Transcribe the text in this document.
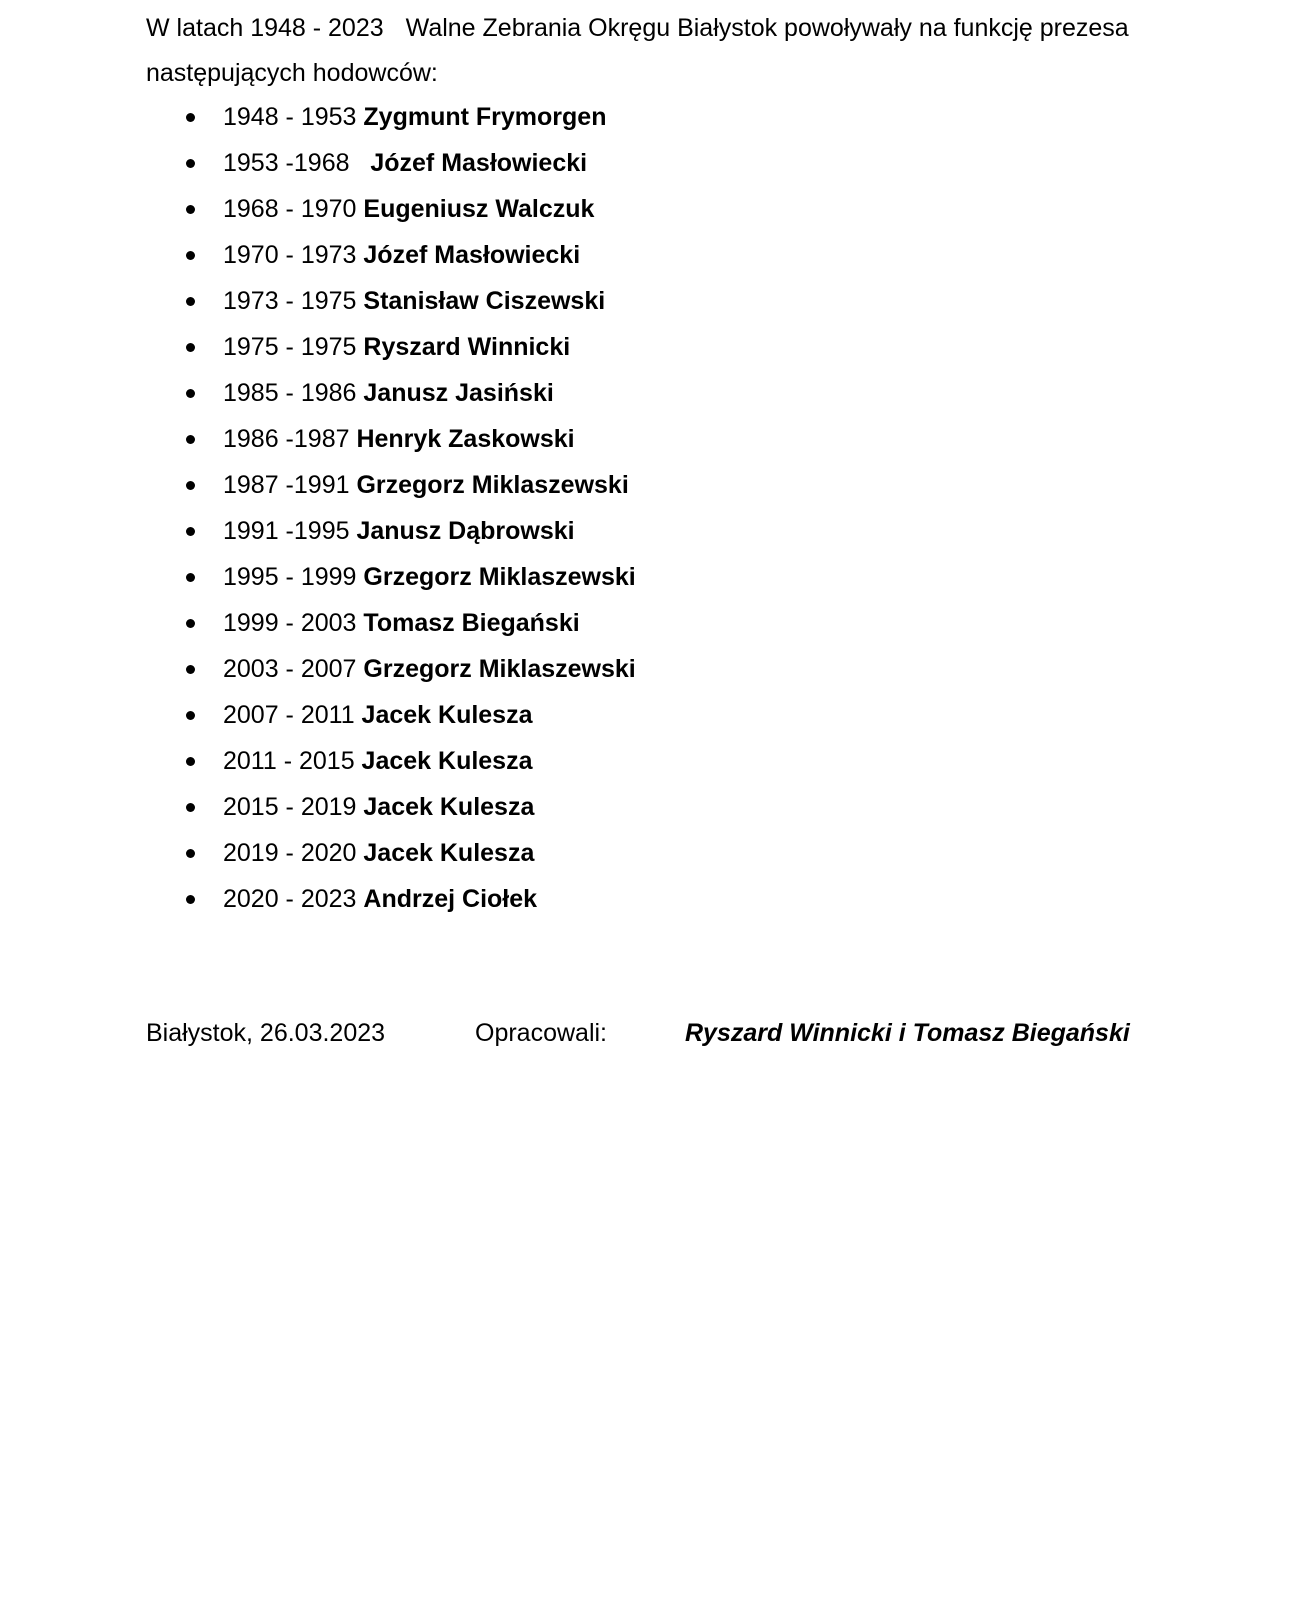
W latach 1948 - 2023 Walne Zebrania Okręgu Białystok powoływały na funkcję prezesa następujących hodowców:

1948 - 1953 Zygmunt Frymorgen
1953 -1968   Józef Masłowiecki
1968 - 1970 Eugeniusz Walczuk
1970 - 1973 Józef Masłowiecki
1973 - 1975 Stanisław Ciszewski
1975 - 1975 Ryszard Winnicki
1985 - 1986 Janusz Jasiński
1986 -1987 Henryk Zaskowski
1987 -1991 Grzegorz Miklaszewski
1991 -1995 Janusz Dąbrowski
1995 - 1999 Grzegorz Miklaszewski
1999 - 2003 Tomasz Biegański
2003 - 2007 Grzegorz Miklaszewski
2007 - 2011 Jacek Kulesza
2011 - 2015 Jacek Kulesza
2015 - 2019 Jacek Kulesza
2019 - 2020 Jacek Kulesza
2020 - 2023 Andrzej Ciołek
Białystok, 26.03.2023	Opracowali:	Ryszard Winnicki i Tomasz Biegański
